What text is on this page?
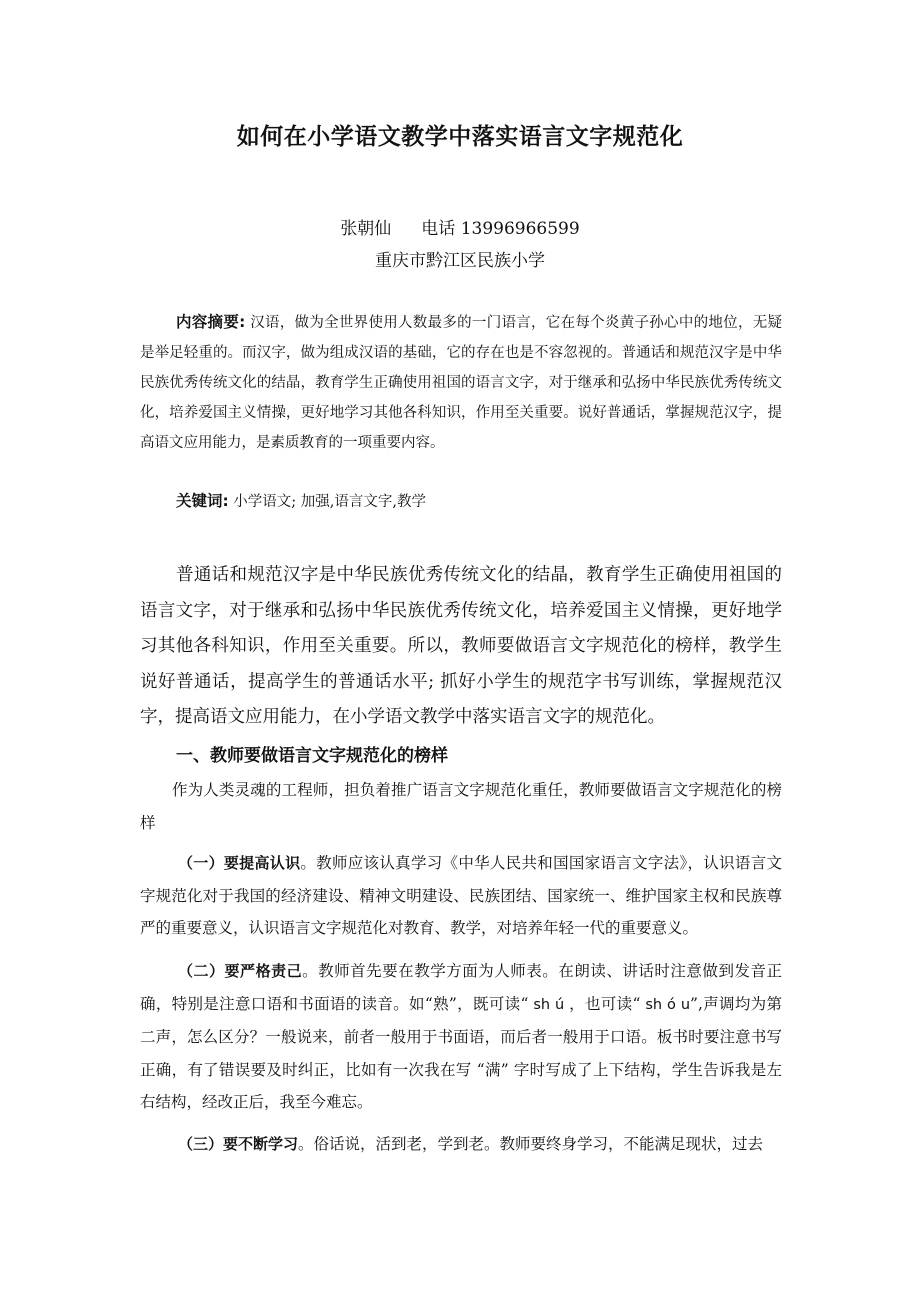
如何在小学语文教学中落实语言文字规范化
张朝仙 电话 13996966599
重庆市黔江区民族小学
内容摘要: 汉语，做为全世界使用人数最多的一门语言，它在每个炎黄子孙心中的地位，无疑是举足轻重的。而汉字，做为组成汉语的基础，它的存在也是不容忽视的。普通话和规范汉字是中华民族优秀传统文化的结晶，教育学生正确使用祖国的语言文字，对于继承和弘扬中华民族优秀传统文化，培养爱国主义情操，更好地学习其他各科知识，作用至关重要。说好普通话，掌握规范汉字，提高语文应用能力，是素质教育的一项重要内容。
关键词: 小学语文; 加强,语言文字,教学
普通话和规范汉字是中华民族优秀传统文化的结晶，教育学生正确使用祖国的语言文字，对于继承和弘扬中华民族优秀传统文化，培养爱国主义情操，更好地学习其他各科知识，作用至关重要。所以，教师要做语言文字规范化的榜样，教学生说好普通话，提高学生的普通话水平; 抓好小学生的规范字书写训练，掌握规范汉字，提高语文应用能力，在小学语文教学中落实语言文字的规范化。
一、教师要做语言文字规范化的榜样
作为人类灵魂的工程师，担负着推广语言文字规范化重任，教师要做语言文字规范化的榜样
（一）要提高认识。教师应该认真学习《中华人民共和国国家语言文字法》，认识语言文字规范化对于我国的经济建设、精神文明建设、民族团结、国家统一、维护国家主权和民族尊严的重要意义，认识语言文字规范化对教育、教学，对培养年轻一代的重要意义。
（二）要严格责己。教师首先要在教学方面为人师表。在朗读、讲话时注意做到发音正确，特别是注意口语和书面语的读音。如“熟”，既可读“ sh ú ，也可读“ sh ó u”,声调均为第二声，怎么区分？一般说来，前者一般用于书面语，而后者一般用于口语。板书时要注意书写正确，有了错误要及时纠正，比如有一次我在写 “满” 字时写成了上下结构，学生告诉我是左右结构，经改正后，我至今难忘。
（三）要不断学习。俗话说，活到老，学到老。教师要终身学习，不能满足现状，过去
